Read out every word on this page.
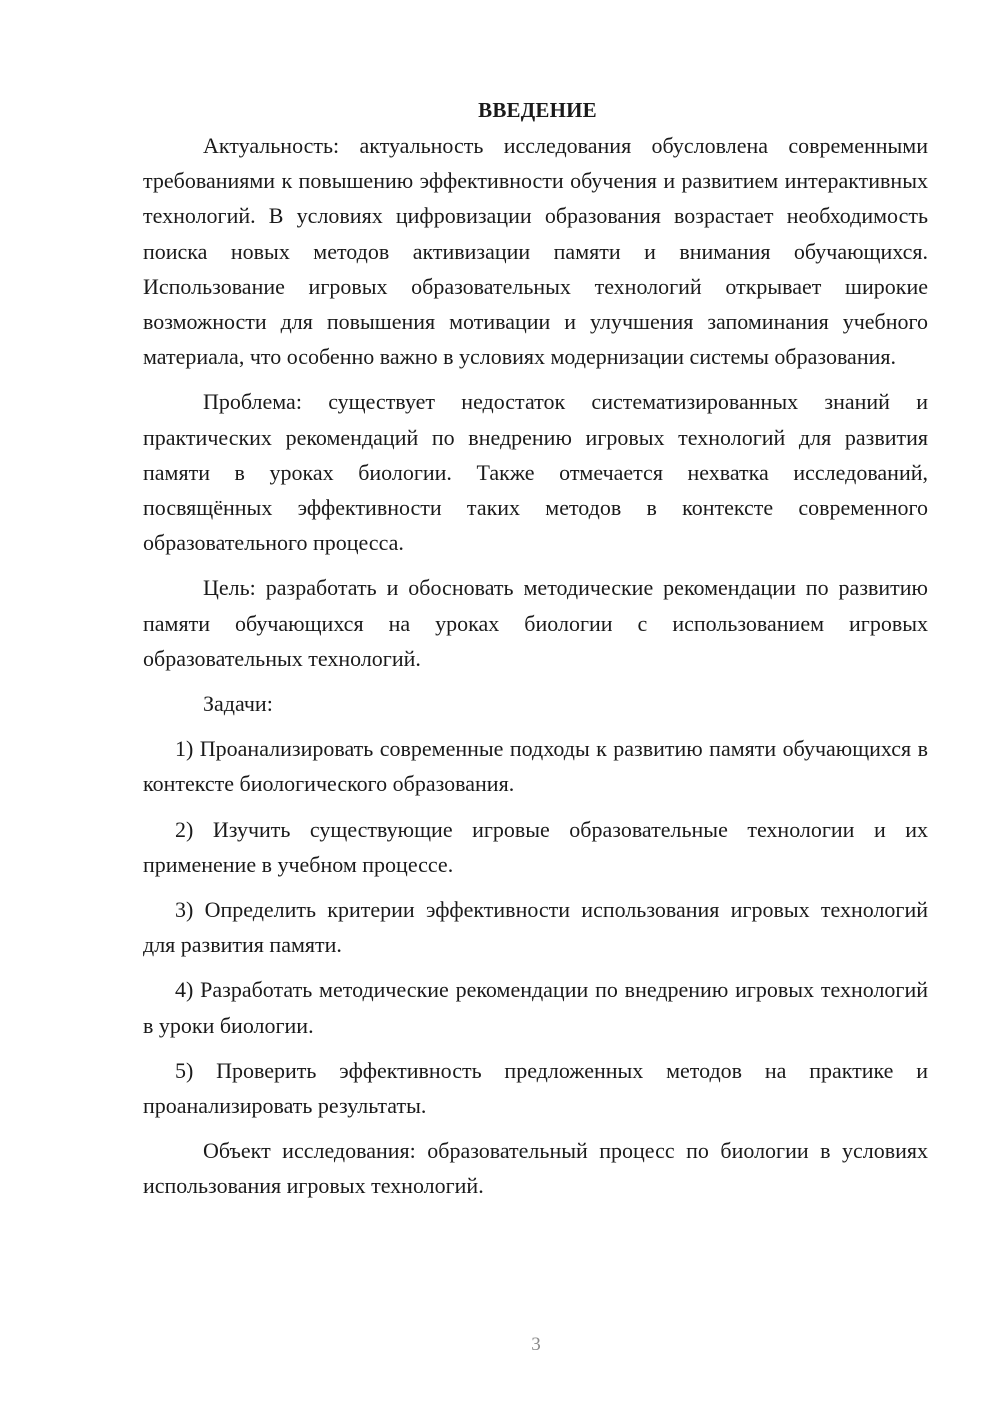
ВВЕДЕНИЕ

Актуальность: актуальность исследования обусловлена современными требованиями к повышению эффективности обучения и развитием интерактивных технологий. В условиях цифровизации образования возрастает необходимость поиска новых методов активизации памяти и внимания обучающихся. Использование игровых образовательных технологий открывает широкие возможности для повышения мотивации и улучшения запоминания учебного материала, что особенно важно в условиях модернизации системы образования.

Проблема: существует недостаток систематизированных знаний и практических рекомендаций по внедрению игровых технологий для развития памяти в уроках биологии. Также отмечается нехватка исследований, посвящённых эффективности таких методов в контексте современного образовательного процесса.

Цель: разработать и обосновать методические рекомендации по развитию памяти обучающихся на уроках биологии с использованием игровых образовательных технологий.

Задачи:

1) Проанализировать современные подходы к развитию памяти обучающихся в контексте биологического образования.

2) Изучить существующие игровые образовательные технологии и их применение в учебном процессе.

3) Определить критерии эффективности использования игровых технологий для развития памяти.

4) Разработать методические рекомендации по внедрению игровых технологий в уроки биологии.

5) Проверить эффективность предложенных методов на практике и проанализировать результаты.

Объект исследования: образовательный процесс по биологии в условиях использования игровых технологий.

3
